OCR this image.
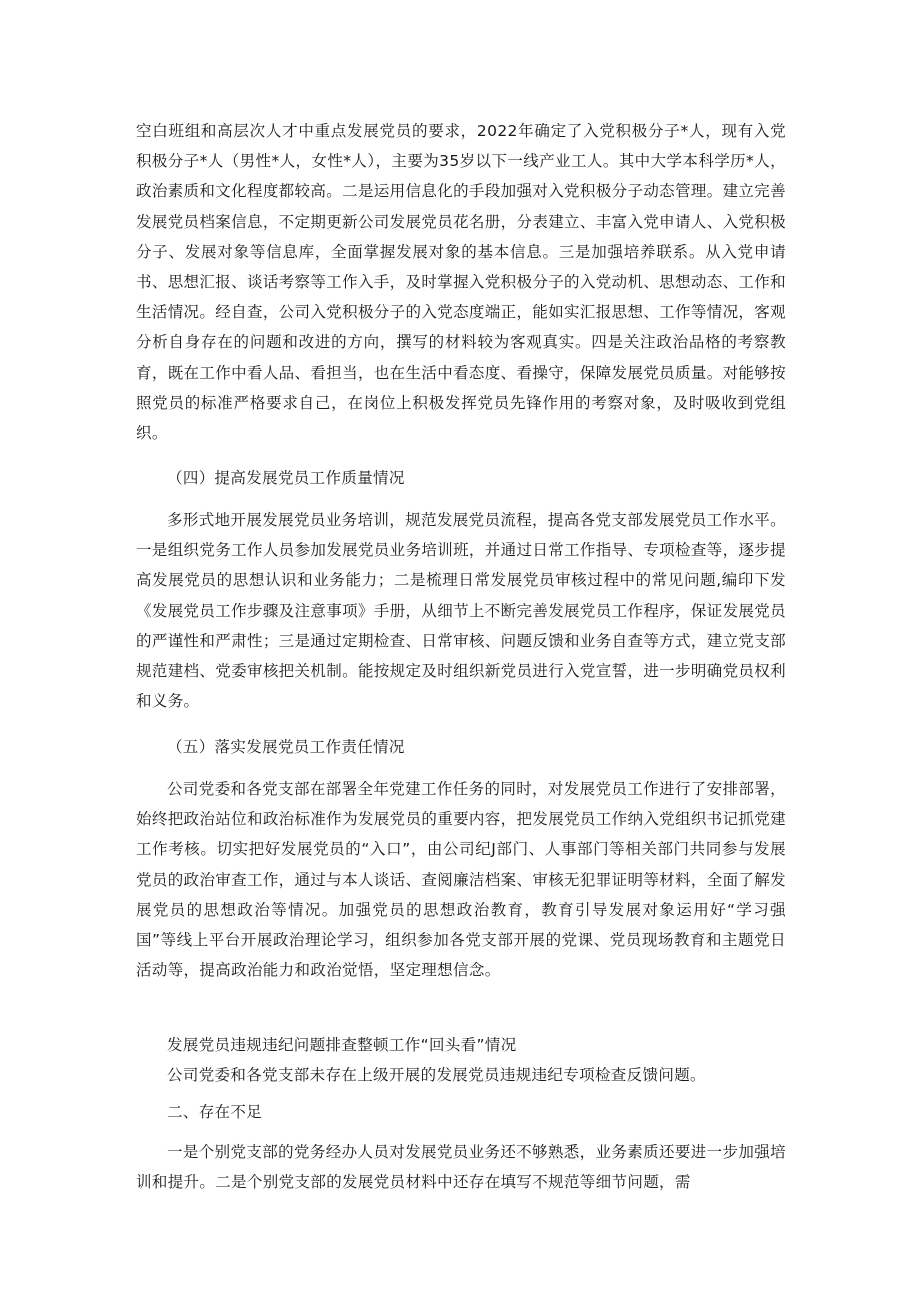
空白班组和高层次人才中重点发展党员的要求，2022年确定了入党积极分子*人，现有入党积极分子*人（男性*人，女性*人），主要为35岁以下一线产业工人。其中大学本科学历*人，政治素质和文化程度都较高。二是运用信息化的手段加强对入党积极分子动态管理。建立完善发展党员档案信息，不定期更新公司发展党员花名册，分表建立、丰富入党申请人、入党积极分子、发展对象等信息库，全面掌握发展对象的基本信息。三是加强培养联系。从入党申请书、思想汇报、谈话考察等工作入手，及时掌握入党积极分子的入党动机、思想动态、工作和生活情况。经自查，公司入党积极分子的入党态度端正，能如实汇报思想、工作等情况，客观分析自身存在的问题和改进的方向，撰写的材料较为客观真实。四是关注政治品格的考察教育，既在工作中看人品、看担当，也在生活中看态度、看操守，保障发展党员质量。对能够按照党员的标准严格要求自己，在岗位上积极发挥党员先锋作用的考察对象，及时吸收到党组织。

（四）提高发展党员工作质量情况

多形式地开展发展党员业务培训，规范发展党员流程，提高各党支部发展党员工作水平。一是组织党务工作人员参加发展党员业务培训班，并通过日常工作指导、专项检查等，逐步提高发展党员的思想认识和业务能力；二是梳理日常发展党员审核过程中的常见问题,编印下发《发展党员工作步骤及注意事项》手册，从细节上不断完善发展党员工作程序，保证发展党员的严谨性和严肃性；三是通过定期检查、日常审核、问题反馈和业务自查等方式，建立党支部规范建档、党委审核把关机制。能按规定及时组织新党员进行入党宣誓，进一步明确党员权利和义务。

（五）落实发展党员工作责任情况

公司党委和各党支部在部署全年党建工作任务的同时，对发展党员工作进行了安排部署，始终把政治站位和政治标准作为发展党员的重要内容，把发展党员工作纳入党组织书记抓党建工作考核。切实把好发展党员的“入口”，由公司纪J部门、人事部门等相关部门共同参与发展党员的政治审查工作，通过与本人谈话、查阅廉洁档案、审核无犯罪证明等材料，全面了解发展党员的思想政治等情况。加强党员的思想政治教育，教育引导发展对象运用好“学习强国”等线上平台开展政治理论学习，组织参加各党支部开展的党课、党员现场教育和主题党日活动等，提高政治能力和政治觉悟，坚定理想信念。

发展党员违规违纪问题排查整顿工作“回头看”情况

公司党委和各党支部未存在上级开展的发展党员违规违纪专项检查反馈问题。

二、存在不足

一是个别党支部的党务经办人员对发展党员业务还不够熟悉，业务素质还要进一步加强培训和提升。二是个别党支部的发展党员材料中还存在填写不规范等细节问题，需
